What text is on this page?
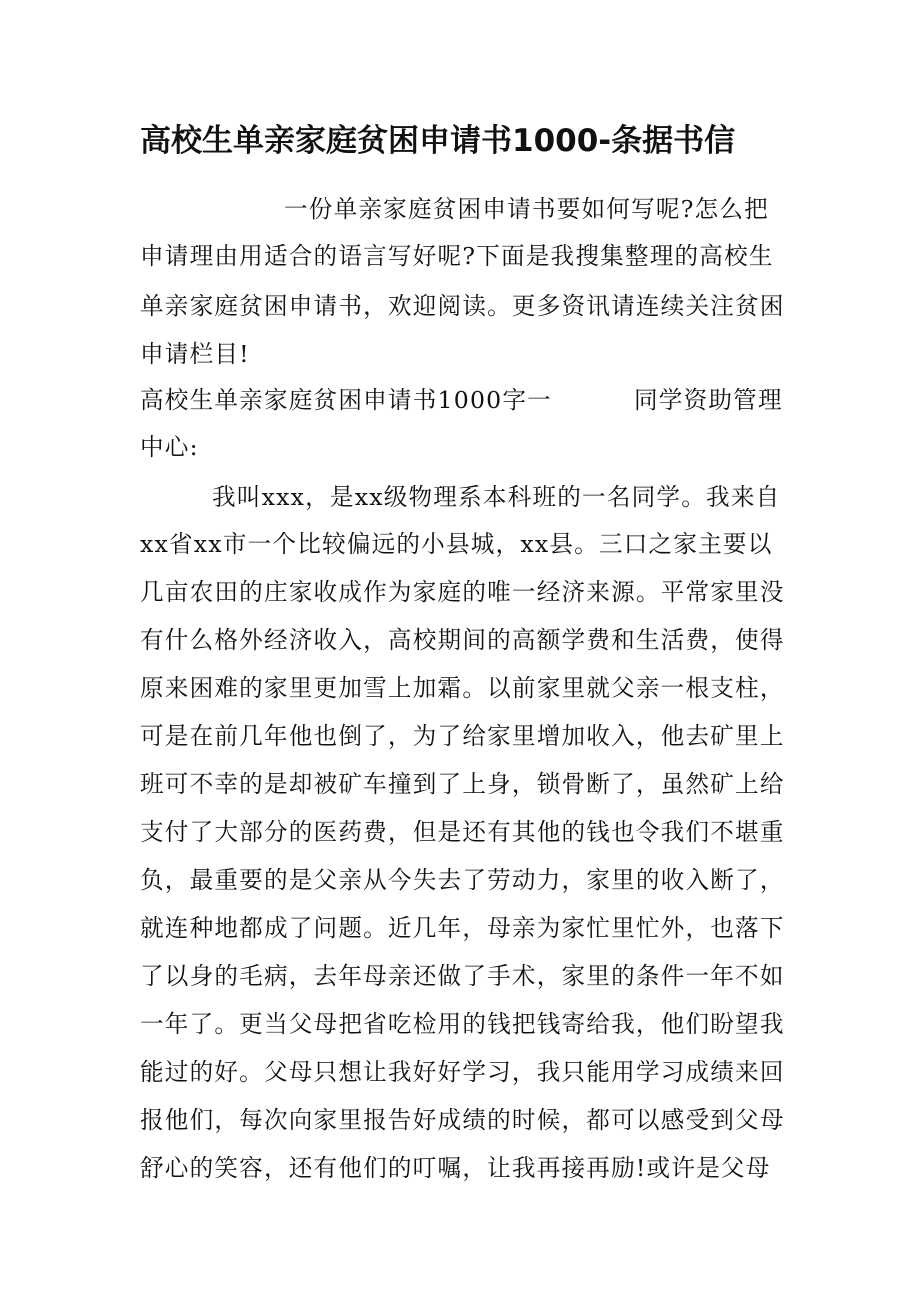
高校生单亲家庭贫困申请书1000-条据书信
一份单亲家庭贫困申请书要如何写呢?怎么把
申请理由用适合的语言写好呢?下面是我搜集整理的高校生
单亲家庭贫困申请书，欢迎阅读。更多资讯请连续关注贫困
申请栏目!
高校生单亲家庭贫困申请书1000字一	同学资助管理
中心:
我叫xxx，是xx级物理系本科班的一名同学。我来自
xx省xx市一个比较偏远的小县城，xx县。三口之家主要以
几亩农田的庄家收成作为家庭的唯一经济来源。平常家里没
有什么格外经济收入，高校期间的高额学费和生活费，使得
原来困难的家里更加雪上加霜。以前家里就父亲一根支柱，
可是在前几年他也倒了，为了给家里增加收入，他去矿里上
班可不幸的是却被矿车撞到了上身，锁骨断了，虽然矿上给
支付了大部分的医药费，但是还有其他的钱也令我们不堪重
负，最重要的是父亲从今失去了劳动力，家里的收入断了，
就连种地都成了问题。近几年，母亲为家忙里忙外，也落下
了以身的毛病，去年母亲还做了手术，家里的条件一年不如
一年了。更当父母把省吃检用的钱把钱寄给我，他们盼望我
能过的好。父母只想让我好好学习，我只能用学习成绩来回
报他们，每次向家里报告好成绩的时候，都可以感受到父母
舒心的笑容，还有他们的叮嘱，让我再接再励!或许是父母
